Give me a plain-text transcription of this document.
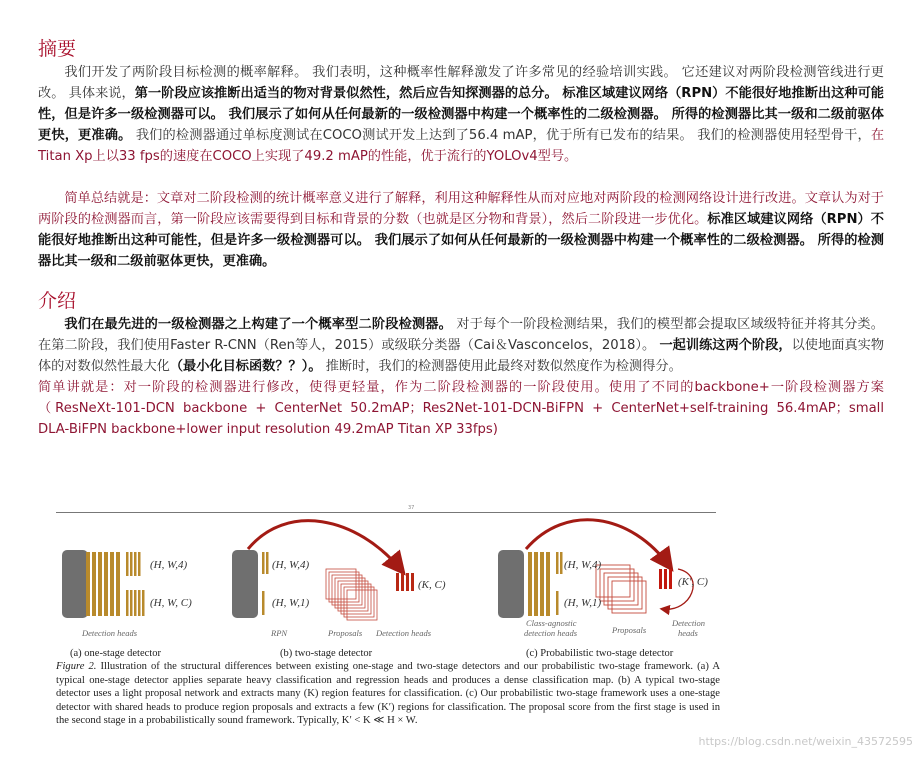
摘要

我们开发了两阶段目标检测的概率解释。 我们表明，这种概率性解释激发了许多常见的经验培训实践。 它还建议对两阶段检测管线进行更改。 具体来说，第一阶段应该推断出适当的物对背景似然性，然后应告知探测器的总分。 标准区域建议网络（RPN）不能很好地推断出这种可能性，但是许多一级检测器可以。 我们展示了如何从任何最新的一级检测器中构建一个概率性的二级检测器。 所得的检测器比其一级和二级前驱体更快，更准确。 我们的检测器通过单标度测试在COCO测试开发上达到了56.4 mAP，优于所有已发布的结果。 我们的检测器使用轻型骨干，在Titan Xp上以33 fps的速度在COCO上实现了49.2 mAP的性能，优于流行的YOLOv4型号。

简单总结就是：文章对二阶段检测的统计概率意义进行了解释，利用这种解释性从而对应地对两阶段的检测网络设计进行改进。文章认为对于两阶段的检测器而言，第一阶段应该需要得到目标和背景的分数（也就是区分物和背景），然后二阶段进一步优化。标准区域建议网络（RPN）不能很好地推断出这种可能性，但是许多一级检测器可以。 我们展示了如何从任何最新的一级检测器中构建一个概率性的二级检测器。 所得的检测器比其一级和二级前驱体更快，更准确。

介绍

我们在最先进的一级检测器之上构建了一个概率型二阶段检测器。 对于每个一阶段检测结果，我们的模型都会提取区域级特征并将其分类。 在第二阶段，我们使用Faster R-CNN（Ren等人，2015）或级联分类器（Cai＆Vasconcelos，2018）。 一起训练这两个阶段，以使地面真实物体的对数似然性最大化（最小化目标函数？？）。 推断时，我们的检测器使用此最终对数似然度作为检测得分。

简单讲就是：对一阶段的检测器进行修改，使得更轻量，作为二阶段检测器的一阶段使用。使用了不同的backbone+一阶段检测器方案（ResNeXt-101-DCN backbone + CenterNet 50.2mAP；Res2Net-101-DCN-BiFPN + CenterNet+self-training 56.4mAP；small DLA-BiFPN backbone+lower input resolution 49.2mAP Titan XP 33fps)

37
(H, W,4)
(H, W, C)
Detection heads
(a) one-stage detector
(H, W,4)
(H, W,1)
(K, C)
RPN	Proposals Detection heads
(b) two-stage detector
(H, W,4)
(H, W,1)
(K', C)
Class-agnostic
detection heads	Proposals
Detection
heads
(c) Probabilistic two-stage detector
Figure 2. Illustration of the structural differences between existing one-stage and two-stage detectors and our probabilistic two-stage framework. (a) A typical one-stage detector applies separate heavy classification and regression heads and produces a dense classification map. (b) A typical two-stage detector uses a light proposal network and extracts many (K) region features for classification. (c) Our probabilistic two-stage framework uses a one-stage detector with shared heads to produce region proposals and extracts a few (K′) regions for classification. The proposal score from the first stage is used in the second stage in a probabilistically sound framework. Typically, K′ < K ≪ H × W.
https://blog.csdn.net/weixin_43572595
